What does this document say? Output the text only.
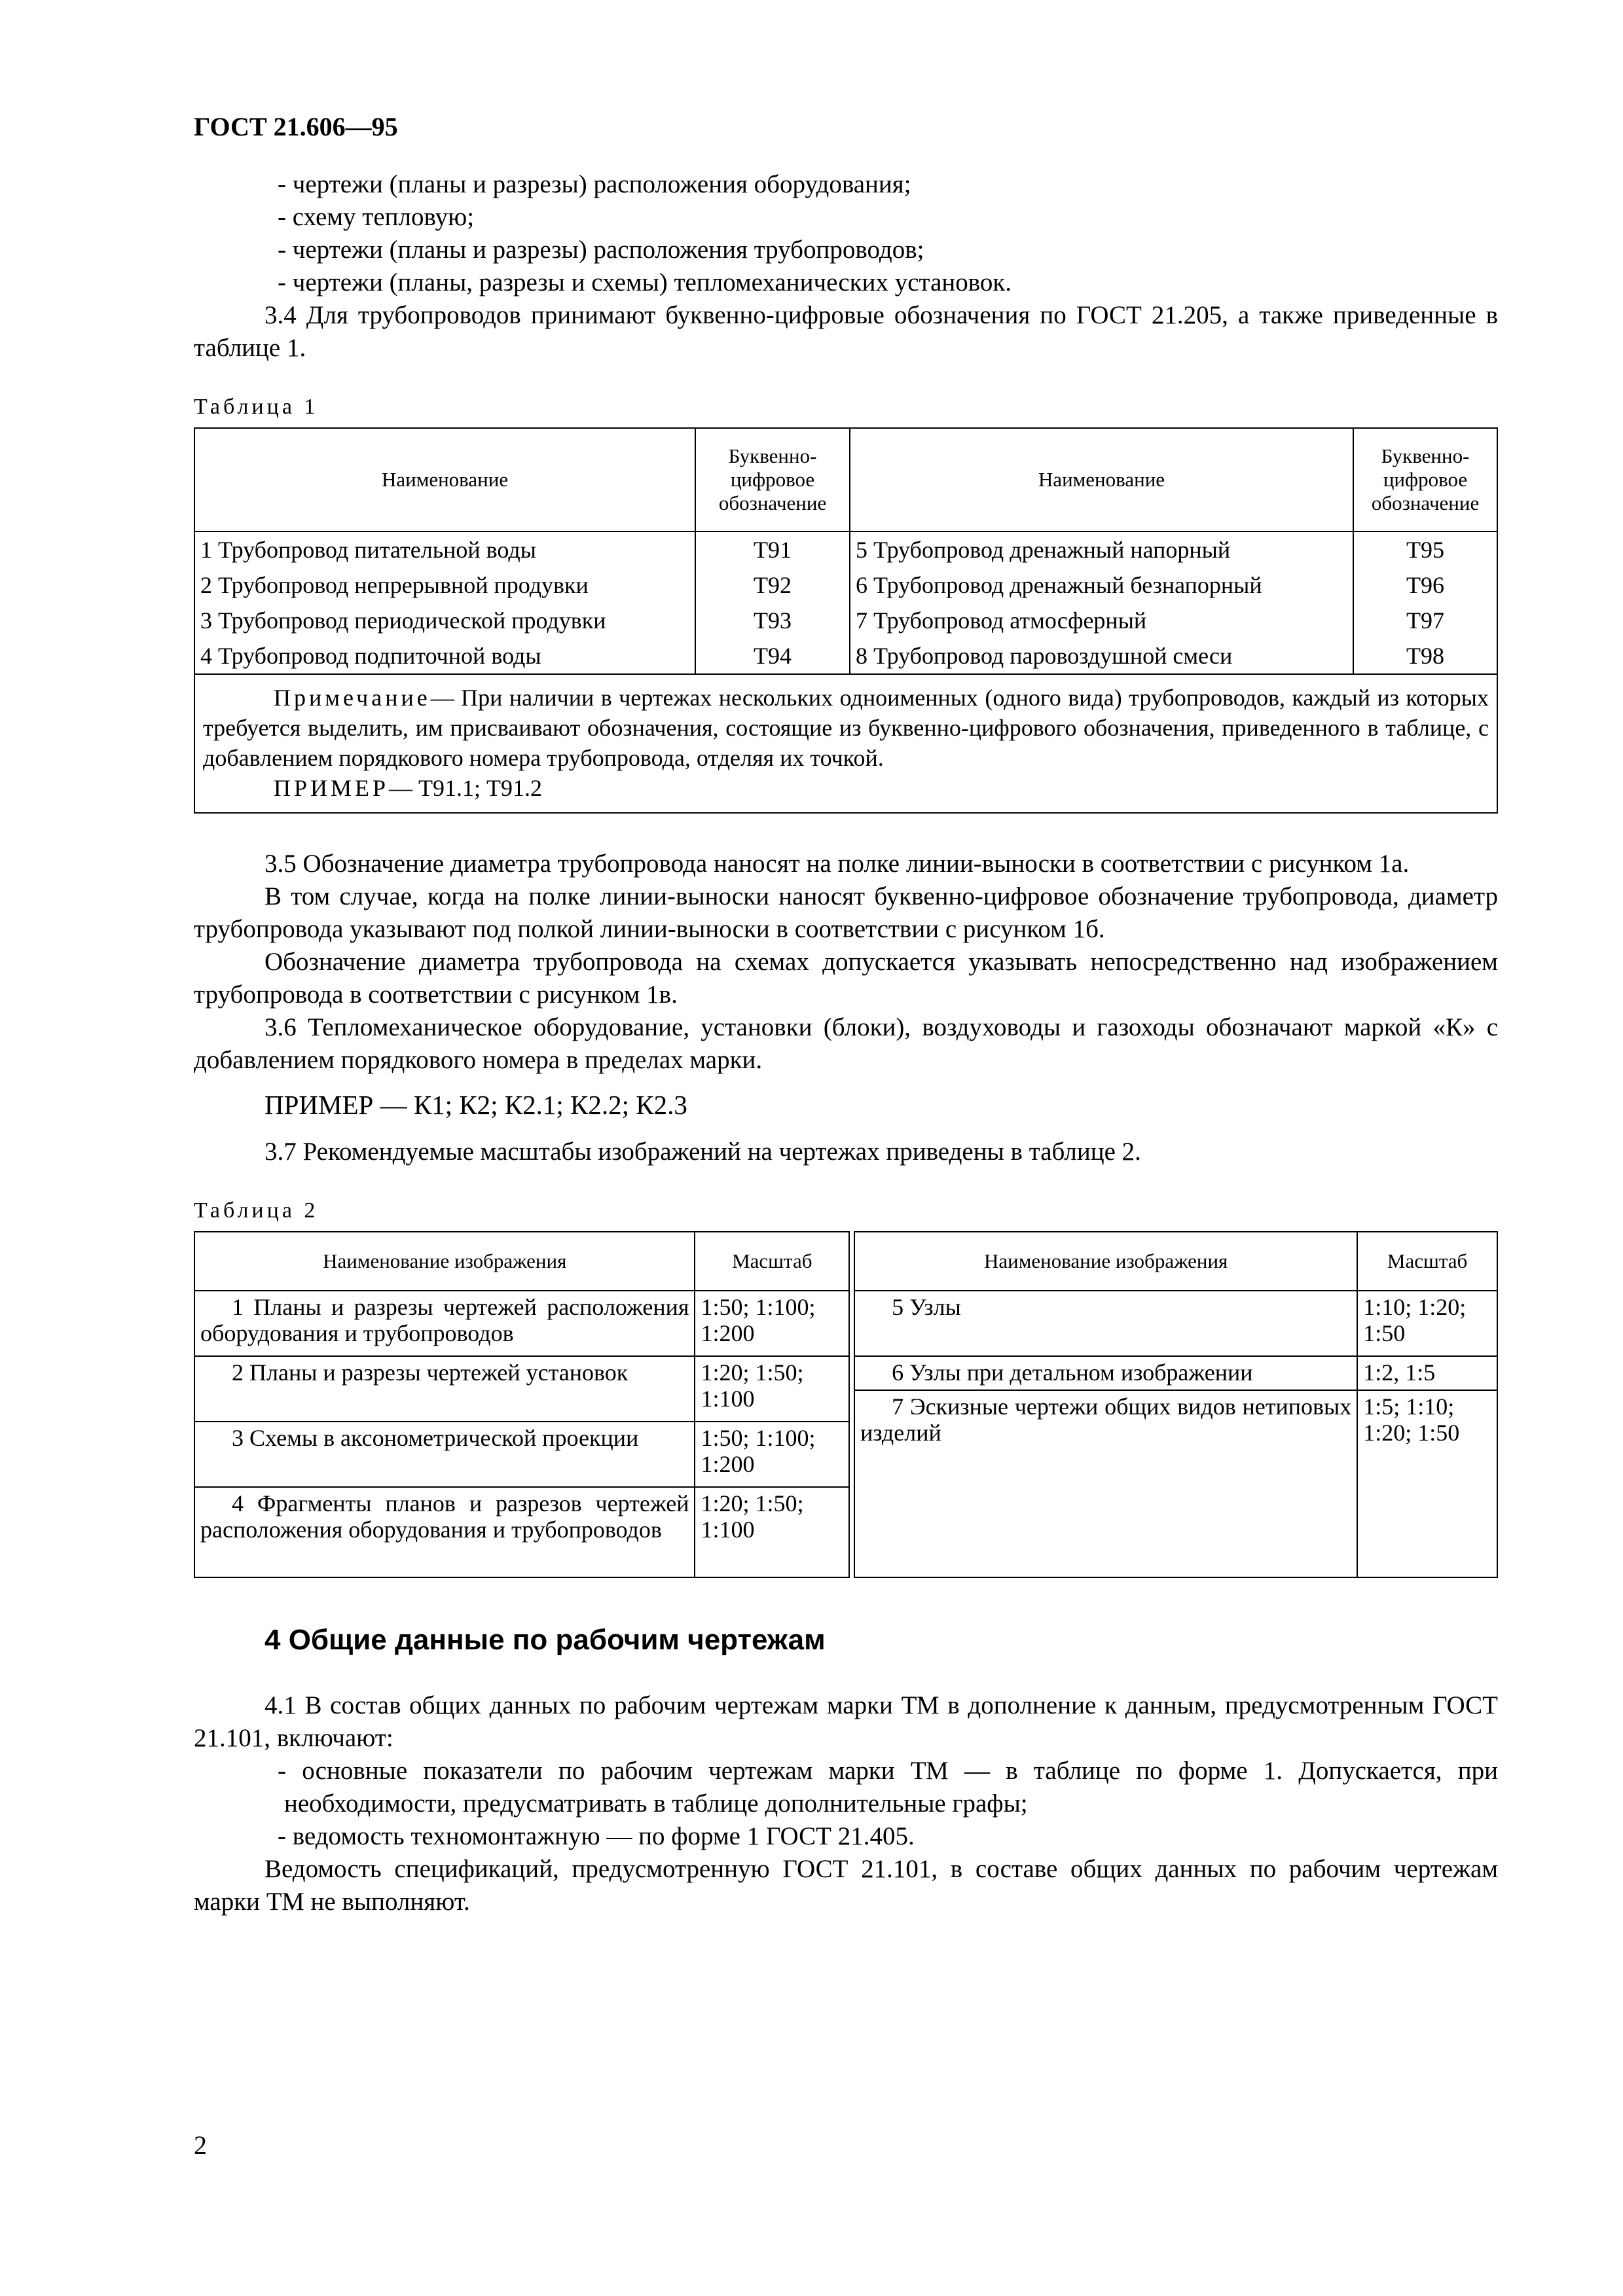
ГОСТ 21.606—95

- чертежи (планы и разрезы) расположения оборудования;

- схему тепловую;

- чертежи (планы и разрезы) расположения трубопроводов;

- чертежи (планы, разрезы и схемы) тепломеханических установок.

3.4 Для трубопроводов принимают буквенно-цифровые обозначения по ГОСТ 21.205, а также приведенные в таблице 1.

Таблица 1
Наименование	Буквенно-цифровое обозначение	Наименование	Буквенно-цифровое обозначение
1 Трубопровод питательной воды	Т91	5 Трубопровод дренажный напорный	Т95
2 Трубопровод непрерывной продувки	Т92	6 Трубопровод дренажный безнапорный	Т96
3 Трубопровод периодической продувки	Т93	7 Трубопровод атмосферный	Т97
4 Трубопровод подпиточной воды	Т94	8 Трубопровод паровоздушной смеси	Т98

Примечание— При наличии в чертежах нескольких одноименных (одного вида) трубопроводов, каждый из которых требуется выделить, им присваивают обозначения, состоящие из буквенно-цифрового обозначения, приведенного в таблице, с добавлением порядкового номера трубопровода, отделяя их точкой.
ПРИМЕР— Т91.1; Т91.2			

3.5 Обозначение диаметра трубопровода наносят на полке линии-выноски в соответствии с рисунком 1а.

В том случае, когда на полке линии-выноски наносят буквенно-цифровое обозначение трубопровода, диаметр трубопровода указывают под полкой линии-выноски в соответствии с рисунком 1б.

Обозначение диаметра трубопровода на схемах допускается указывать непосредственно над изображением трубопровода в соответствии с рисунком 1в.

3.6 Тепломеханическое оборудование, установки (блоки), воздуховоды и газоходы обозначают маркой «К» с добавлением порядкового номера в пределах марки.

ПРИМЕР — К1; К2; К2.1; К2.2; К2.3

3.7 Рекомендуемые масштабы изображений на чертежах приведены в таблице 2.

Таблица 2
Наименование изображения	Масштаб		Наименование изображения	Масштаб
1 Планы и разрезы чертежей расположения оборудования и трубопроводов	1:50; 1:100; 1:200		5 Узлы	1:10; 1:20; 1:50
2 Планы и разрезы чертежей установок	1:20; 1:50; 1:100		6 Узлы при детальном изображении	1:2, 1:5
			7 Эскизные чертежи общих видов нетиповых изделий	1:5; 1:10; 1:20; 1:50
3 Схемы в аксонометрической проекции	1:50; 1:100; 1:200			
4 Фрагменты планов и разрезов чертежей расположения оборудования и трубопроводов	1:20; 1:50; 1:100			
4 Общие данные по рабочим чертежам

4.1 В состав общих данных по рабочим чертежам марки ТМ в дополнение к данным, предусмотренным ГОСТ 21.101, включают:

- основные показатели по рабочим чертежам марки ТМ — в таблице по форме 1. Допускается, при необходимости, предусматривать в таблице дополнительные графы;

- ведомость техномонтажную — по форме 1 ГОСТ 21.405.

Ведомость спецификаций, предусмотренную ГОСТ 21.101, в составе общих данных по рабочим чертежам марки ТМ не выполняют.

2
